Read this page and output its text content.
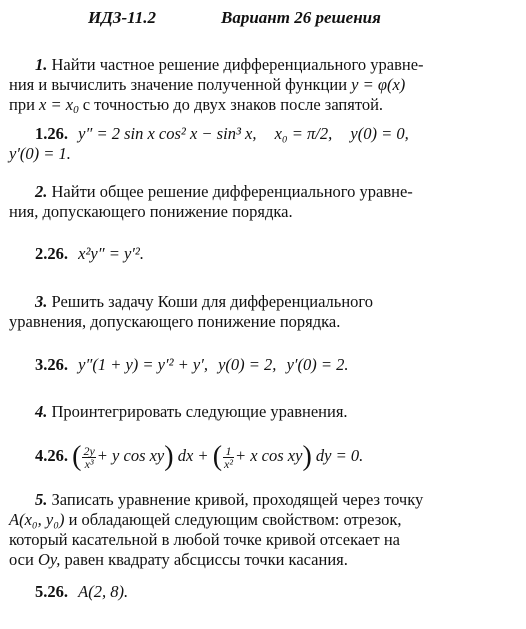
ИДЗ-11.2	Вариант 26 решения
1. Найти частное решение дифференциального уравне-
ния и вычислить значение полученной функции y = φ(x)
при $x = x_0$ с точностью до двух знаков после запятой.
1.26. y″ = 2 sin x cos² x − sin³ x, x₀ = π/2, y(0) = 0,
y′(0) = 1.
2. Найти общее решение дифференциального уравне-
ния, допускающего понижение порядка.
2.26. x²y″ = y′².
3. Решить задачу Коши для дифференциального
уравнения, допускающего понижение порядка.
3.26. y″(1 + y) = y′² + y′, y(0) = 2, y′(0) = 2.
4. Проинтегрировать следующие уравнения.
4.26. ( $\frac{2y}{\text{x³}} + y$ cos xy) dx + ( $\frac{1}{\text{x²}} + x$ cos xy) dy = 0.
5. Записать уравнение кривой, проходящей через точку
A(x₀, y₀) и обладающей следующим свойством: отрезок,
который касательной в любой точке кривой отсекает на
оси Oy, равен квадрату абсциссы точки касания.
5.26. A(2, 8).
